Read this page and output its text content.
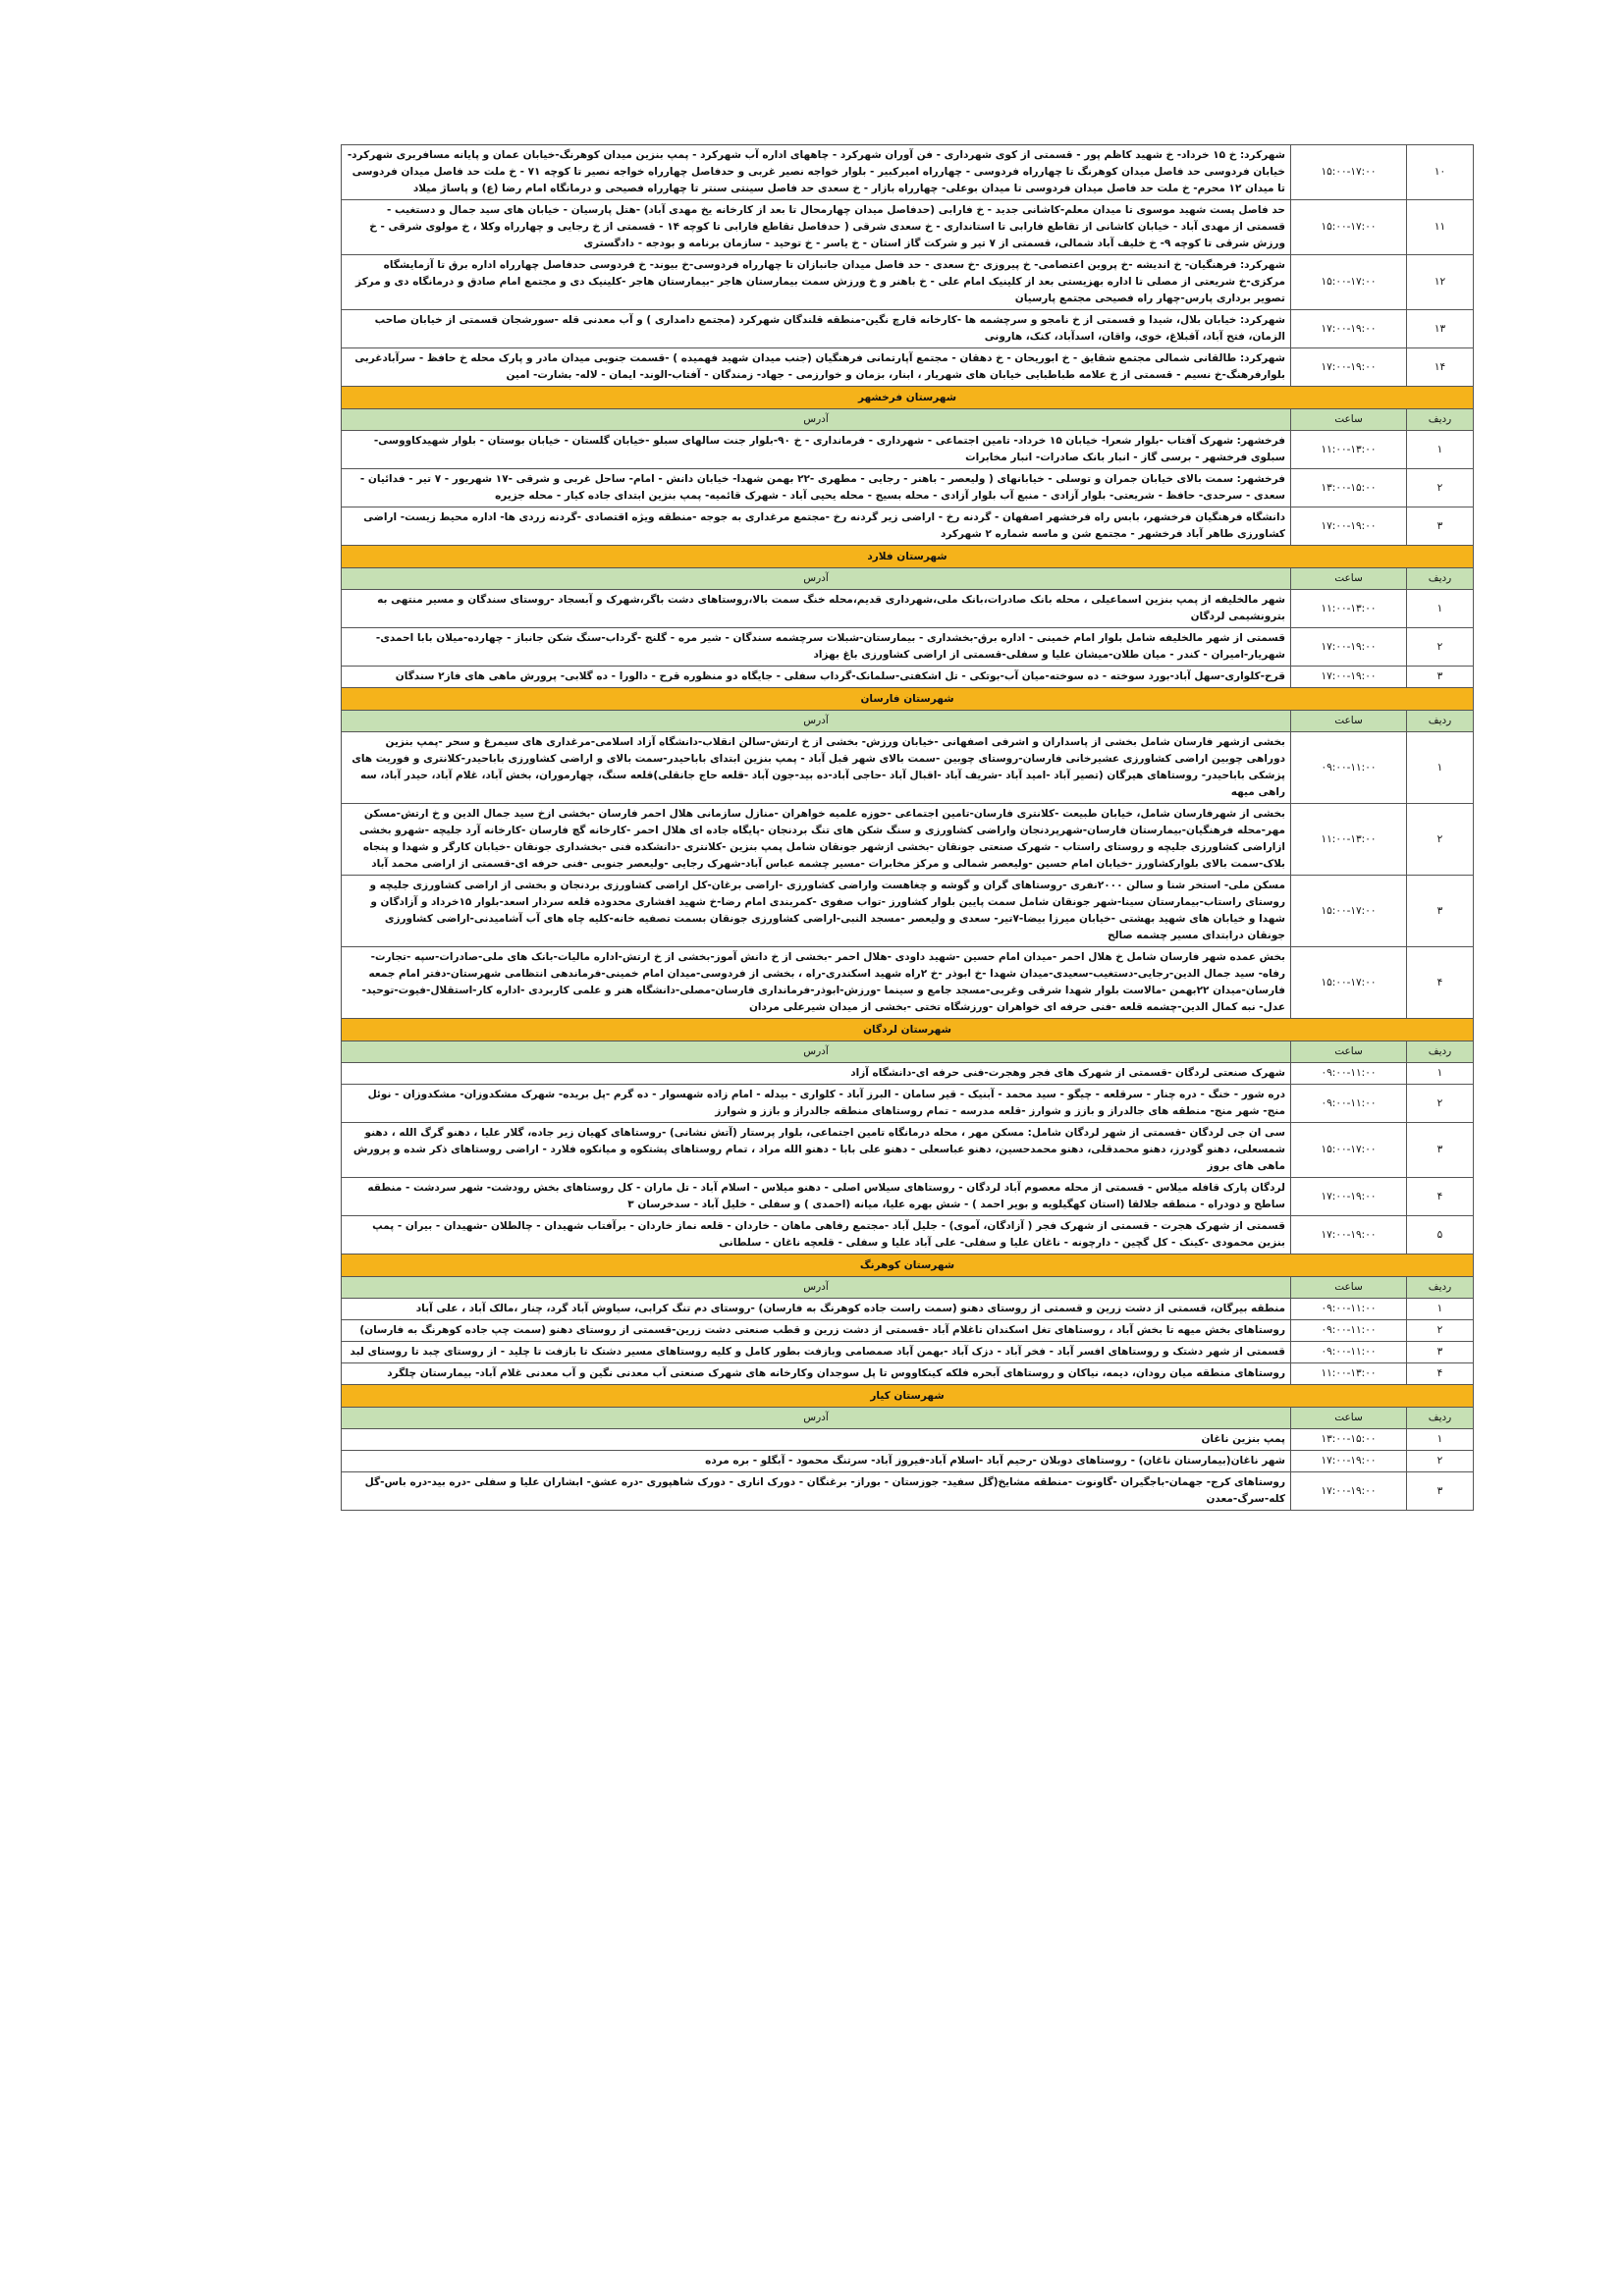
۱۰	۱۵:۰۰-۱۷:۰۰	شهرکرد: خ ۱۵ خرداد- خ شهید کاظم پور - قسمتی از کوی شهرداری - فن آوران شهرکرد - چاههای اداره آب شهرکرد - پمپ بنزین میدان کوهرنگ-خیابان عمان و پایانه مسافربری شهرکرد- خیابان فردوسی حد فاصل میدان کوهرنگ تا چهارراه فردوسی - چهارراه امیرکبیر - بلوار خواجه نصیر غربی و حدفاصل چهارراه خواجه نصیر تا کوچه ۷۱ - خ ملت حد فاصل میدان فردوسی تا میدان ۱۲ محرم- خ ملت حد فاصل میدان فردوسی تا میدان بوعلی- چهارراه بازار - خ سعدی حد فاصل سینتی سنتر تا چهارراه فصیحی و درمانگاه امام رضا (ع) و پاساژ میلاد
۱۱	۱۵:۰۰-۱۷:۰۰	حد فاصل پست شهید موسوی تا میدان معلم-کاشانی جدید - خ فارابی (حدفاصل میدان چهارمحال تا بعد از کارخانه یخ مهدی آباد) -هتل پارسیان - خیابان های سید جمال و دستغیب - قسمتی از مهدی آباد - خیابان کاشانی از تقاطع فارابی تا استانداری - خ سعدی شرقی ( حدفاصل تقاطع فارابی تا کوچه ۱۴ - قسمتی از خ رجایی و چهارراه وکلا ، خ مولوی شرقی - خ ورزش شرقی تا کوچه ۹- خ خلیف آباد شمالی، قسمتی از ۷ تیر و شرکت گاز استان - خ یاسر - خ توحید - سازمان برنامه و بودجه - دادگستری
۱۲	۱۵:۰۰-۱۷:۰۰	شهرکرد: فرهنگیان- خ اندیشه -خ پروین اعتصامی- خ پیروزی -خ سعدی - حد فاصل میدان جانبازان تا چهارراه فردوسی-خ بیوند- خ فردوسی حدفاصل چهارراه اداره برق تا آزمایشگاه مرکزی-خ شریعتی از مصلی تا اداره بهزیستی بعد از کلینیک امام علی - خ باهنر و خ ورزش سمت بیمارستان هاجر -بیمارستان هاجر -کلینیک دی و مجتمع امام صادق و درمانگاه دی و مرکز تصویر برداری پارس-چهار راه فصیحی مجتمع پارسیان
۱۳	۱۷:۰۰-۱۹:۰۰	شهرکرد: خیابان بلال، شیدا و قسمتی از خ نامجو و سرچشمه ها -کارخانه قارچ نگین-منطقه قلندگان شهرکرد (مجتمع دامداری ) و آب معدنی قله -سورشجان قسمتی از خیابان صاحب الزمان، فتح آباد، آقبلاغ، خوی، واقان، اسدآباد، کنک، هارونی
۱۴	۱۷:۰۰-۱۹:۰۰	شهرکرد: طالقانی شمالی مجتمع شقایق - خ ابوریحان - خ دهقان - مجتمع آپارتمانی فرهنگیان (جنب میدان شهید فهمیده ) -قسمت جنوبی میدان مادر و پارک محله خ حافظ - سرآبادغربی بلوارفرهنگ-خ نسیم - قسمتی از خ علامه طباطبایی خیابان های شهریار ، ابنار، بزمان و خوارزمی - جهاد- زمندگان - آفتاب-الوند- ایمان - لاله- بشارت- امین
شهرستان فرخشهر		
ردیف	ساعت	آدرس
۱	۱۱:۰۰-۱۳:۰۰	فرخشهر: شهرک آفتاب -بلوار شعرا- خیابان ۱۵ خرداد- تامین اجتماعی - شهرداری - فرمانداری - خ ۹۰-بلوار جنت سالهای سبلو -خیابان گلستان - خیابان بوستان - بلوار شهیدکاووسی- سبلوی فرخشهر - برسی گاز - انبار بانک صادرات- انبار مخابرات
۲	۱۳:۰۰-۱۵:۰۰	فرخشهر: سمت بالای خیابان جمران و توسلی - خیابانهای ( ولیعصر - باهنر - رجایی - مطهری -۲۲ بهمن شهدا- خیابان دانش - امام- ساحل غربی و شرقی -۱۷ شهریور - ۷ تیر - فدائیان - سعدی - سرحدی- حافظ - شریعتی- بلوار آزادی - منبع آب بلوار آزادی - محله بسیج - محله یحیی آباد - شهرک قائمیه- پمپ بنزین ابتدای جاده کیار - محله جزیره
۳	۱۷:۰۰-۱۹:۰۰	دانشگاه فرهنگیان فرخشهر، بابس راه فرخشهر اصفهان - گردنه رخ - اراضی زیر گردنه رخ -مجتمع مرغداری به جوجه -منطقه ویژه اقتصادی -گردنه زردی ها- اداره محیط زیست- اراضی کشاورزی طاهر آباد فرخشهر - مجتمع شن و ماسه شماره ۲ شهرکرد
شهرستان فلارد		
ردیف	ساعت	آدرس
۱	۱۱:۰۰-۱۳:۰۰	شهر مالخلیفه از پمپ بنزین اسماعیلی ، محله بانک صادرات،بانک ملی،شهرداری قدیم،محله خنگ سمت بالا،روستاهای دشت باگر،شهرک و آبسجاد -روستای سندگان و مسیر منتهی به بترونشیمی لردگان
۲	۱۷:۰۰-۱۹:۰۰	قسمتی از شهر مالخلیفه شامل بلوار امام خمینی - اداره برق-بخشداری - بیمارستان-شبلات سرچشمه سندگان - شیر مره - گلنج -گرداب-سنگ شکن جانباز - چهارده-میلان بابا احمدی- شهریار-امیران - کندر - میان طلان-میشان علیا و سفلی-قسمتی از اراضی کشاورزی باغ بهزاد
۳	۱۷:۰۰-۱۹:۰۰	قرح-کلواری-سهل آباد-بورد سوخته - ده سوخته-میان آب-بوتکی - تل اشکفتی-سلمانک-گرداب سفلی - جایگاه دو منظوره قرح - دالورا - ده گلابی- پرورش ماهی های فاز۲ سندگان
شهرستان فارسان		
ردیف	ساعت	آدرس
۱	۰۹:۰۰-۱۱:۰۰	بخشی ازشهر فارسان شامل بخشی از پاسداران و اشرفی اصفهانی -خیابان ورزش- بخشی از خ ارتش-سالن انقلاب-دانشگاه آزاد اسلامی-مرغداری های سیمرغ و سحر -پمپ بنزین دوراهی چوبین اراضی کشاورزی عشیرخانی فارسان-روستای چوبین -سمت بالای شهر قبل آباد - پمپ بنزین ابتدای باباحیدر-سمت بالای و اراضی کشاورزی باباحیدر-کلانتری و فوریت های پزشکی باباحیدر- روستاهای هیرگان (تصیر آباد -امید آباد -شریف آباد -اقبال آباد -حاجی آباد-ده بید-جون آباد -قلعه حاج جانقلی)قلعه سنگ، چهارموران، بخش آباد، غلام آباد، حیدر آباد، سه راهی میهه
۲	۱۱:۰۰-۱۳:۰۰	بخشی از شهرفارسان شامل، خیابان طبیعت -کلانتری فارسان-تامین اجتماعی -حوزه علمیه خواهران -منازل سازمانی هلال احمر فارسان -بخشی ازخ سید جمال الدین و خ ارتش-مسکن مهر-محله فرهنگیان-بیمارستان فارسان-شهرپردنجان واراضی کشاورزی و سنگ شکن های تنگ بردنجان -پایگاه جاده ای هلال احمر -کارخانه گچ فارسان -کارخانه آرد جلیچه -شهرو بخشی ازاراضی کشاورزی جلیچه و روستای راستاب - شهرک صنعتی جونقان -بخشی ازشهر جونقان شامل پمپ بنزین -کلانتری -دانشکده فنی -بخشداری جونقان -خیابان کارگر و شهدا و پنجاه بلاک-سمت بالای بلوارکشاورز -خیابان امام حسین -ولیعصر شمالی و مرکز مخابرات -مسیر چشمه عباس آباد-شهرک رجایی -ولیعصر جنوبی -فنی حرفه ای-قسمتی از اراضی محمد آباد
۳	۱۵:۰۰-۱۷:۰۰	مسکن ملی- استخر شنا و سالن ۲۰۰۰نفری -روستاهای گران و گوشه و چغاهست واراضی کشاورزی -اراضی برغان-کل اراضی کشاورزی بردنجان و بخشی از اراضی کشاورزی جلیچه و روستای راستاب-بیمارستان سینا-شهر جونقان شامل سمت پایین بلوار کشاورز -تواب صفوی -کمربندی امام رضا-خ شهید افشاری محدوده قلعه سردار اسعد-بلوار ۱۵خرداد و آزادگان و شهدا و خیابان های شهید بهشتی -خیابان میرزا بیضا-۷تیر- سعدی و ولیعصر -مسجد النبی-اراضی کشاورزی جونقان بسمت تصفیه خانه-کلیه چاه های آب آشامیدنی-اراضی کشاورزی جونقان درابتدای مسیر چشمه صالح
۴	۱۵:۰۰-۱۷:۰۰	بخش عمده شهر فارسان شامل خ هلال احمر -میدان امام حسین -شهید داودی -هلال احمر -بخشی از خ دانش آموز-بخشی از خ ارتش-اداره مالیات-بانک های ملی-صادرات-سپه -تجارت-رفاه- سید جمال الدین-رجایی-دستغیب-سعیدی-میدان شهدا -خ ابوذر -خ ۲راه شهید اسکندری-راه ، بخشی از فردوسی-میدان امام خمینی-فرماندهی انتظامی شهرستان-دفتر امام جمعه فارسان-میدان ۲۲بهمن -مالاست بلوار شهدا شرقی وغربی-مسجد جامع و سینما -ورزش-ابوذر-فرمانداری فارسان-مصلی-دانشگاه هنر و علمی کاربردی -اداره کار-استقلال-فیوت-توحید-عدل- نبه کمال الدین-چشمه قلعه -فنی حرفه ای خواهران -ورزشگاه تختی -بخشی از میدان شیرعلی مردان
شهرستان لردگان		
ردیف	ساعت	آدرس
۱	۰۹:۰۰-۱۱:۰۰	شهرک صنعتی لردگان -قسمتی از شهرک های فجر وهجرت-فنی حرفه ای-دانشگاه آزاد
۲	۰۹:۰۰-۱۱:۰۰	دره شور - خنگ - دره چنار - سرقلعه - چیگو - سید محمد - آبنیک - قیر سامان - البرز آباد - کلواری - بیدله - امام زاده شهسوار - ده گرم -پل بریده- شهرک مشکدوزان- مشکدوزان - نوئل منج- شهر منج- منطقه های جالدراز و بازز و شوارز -قلعه مدرسه - تمام روستاهای منطقه جالدراز و بازز و شوارز
۳	۱۵:۰۰-۱۷:۰۰	سی ان جی لردگان -قسمتی از شهر لردگان شامل: مسکن مهر ، محله درمانگاه تامین اجتماعی، بلوار پرستار (آتش نشانی) -روستاهای کهیان زیر جاده، گلار علیا ، دهنو گرگ الله ، دهنو شمسعلی، دهنو گودرز، دهنو محمدقلی، دهنو محمدحسین، دهنو عباسعلی - دهنو علی بابا - دهنو الله مراد ، تمام روستاهای پشتکوه و میانکوه فلارد - اراضی روستاهای ذکر شده و پرورش ماهی های بروز
۴	۱۷:۰۰-۱۹:۰۰	لردگان پارک قافله میلاس - قسمتی از محله معصوم آباد لردگان - روستاهای سیلاس اصلی - دهنو میلاس - اسلام آباد - تل ماران - کل روستاهای بخش رودشت- شهر سردشت - منطقه ساطح و دودراه - منطقه جلالقا (استان کهگیلویه و بویر احمد ) - شش بهره علیا، میانه (احمدی ) و سفلی - خلیل آباد - سدخرسان ۳
۵	۱۷:۰۰-۱۹:۰۰	قسمتی از شهرک هجرت - قسمتی از شهرک فجر ( آزادگان، آموی) - جلیل آباد -مجتمع رفاهی ماهان - خاردان - قلعه نماز خاردان - برآفتاب شهیدان - چالطلان -شهیدان - بیران - پمپ بنزین محمودی -کینک - کل گچین - دارچونه - ناغان علیا و سفلی- علی آباد علیا و سفلی - قلعچه ناغان - سلطانی
شهرستان کوهرنگ		
ردیف	ساعت	آدرس
۱	۰۹:۰۰-۱۱:۰۰	منطقه بیرگان، قسمتی از دشت زرین و قسمتی از روستای دهنو (سمت راست جاده کوهرنگ به فارسان) -روستای دم تنگ کرابی، سیاوش آباد گرد، چنار ،مالک آباد ، علی آباد
۲	۰۹:۰۰-۱۱:۰۰	روستاهای بخش میهه تا بخش آباد ، روستاهای تغل اسکندان تاغلام آباد -قسمتی از دشت زرین و قطب صنعتی دشت زرین-قسمتی از روستای دهنو (سمت چپ جاده کوهرنگ به فارسان)
۳	۰۹:۰۰-۱۱:۰۰	قسمتی از شهر دشتک و روستاهای افسر آباد - فخر آباد - دزک آباد -بهمن آباد صمصامی وبازفت بطور کامل و کلیه روستاهای مسیر دشتک تا بازفت تا چلید - از روستای چبد تا روستای لبد
۴	۱۱:۰۰-۱۳:۰۰	روستاهای منطقه میان رودان، دیمه، نیاکان و روستاهای آبحره فلکه کینکاووس تا پل سوجدان وکارخانه های شهرک صنعتی آب معدنی نگین و آب معدنی غلام آباد- بیمارستان چلگرد
شهرستان کیار		
ردیف	ساعت	آدرس
۱	۱۳:۰۰-۱۵:۰۰	پمپ بنزین ناغان
۲	۱۷:۰۰-۱۹:۰۰	شهر ناغان(بیمارستان ناغان) - روستاهای دوبلان -رحیم آباد -اسلام آباد-فیروز آباد- سرتنگ محمود - آبگلو - بره مرده
۳	۱۷:۰۰-۱۹:۰۰	روستاهای کرج- جهمان-باجگیران -گاونوت -منطقه مشایخ(گل سفید- جوزستان - بوراز- برغنگان - دورک اناری - دورک شاهپوری -دره عشق- ابشاران علیا و سفلی -دره بید-دره باس-گل کله-سرگ-معدن
